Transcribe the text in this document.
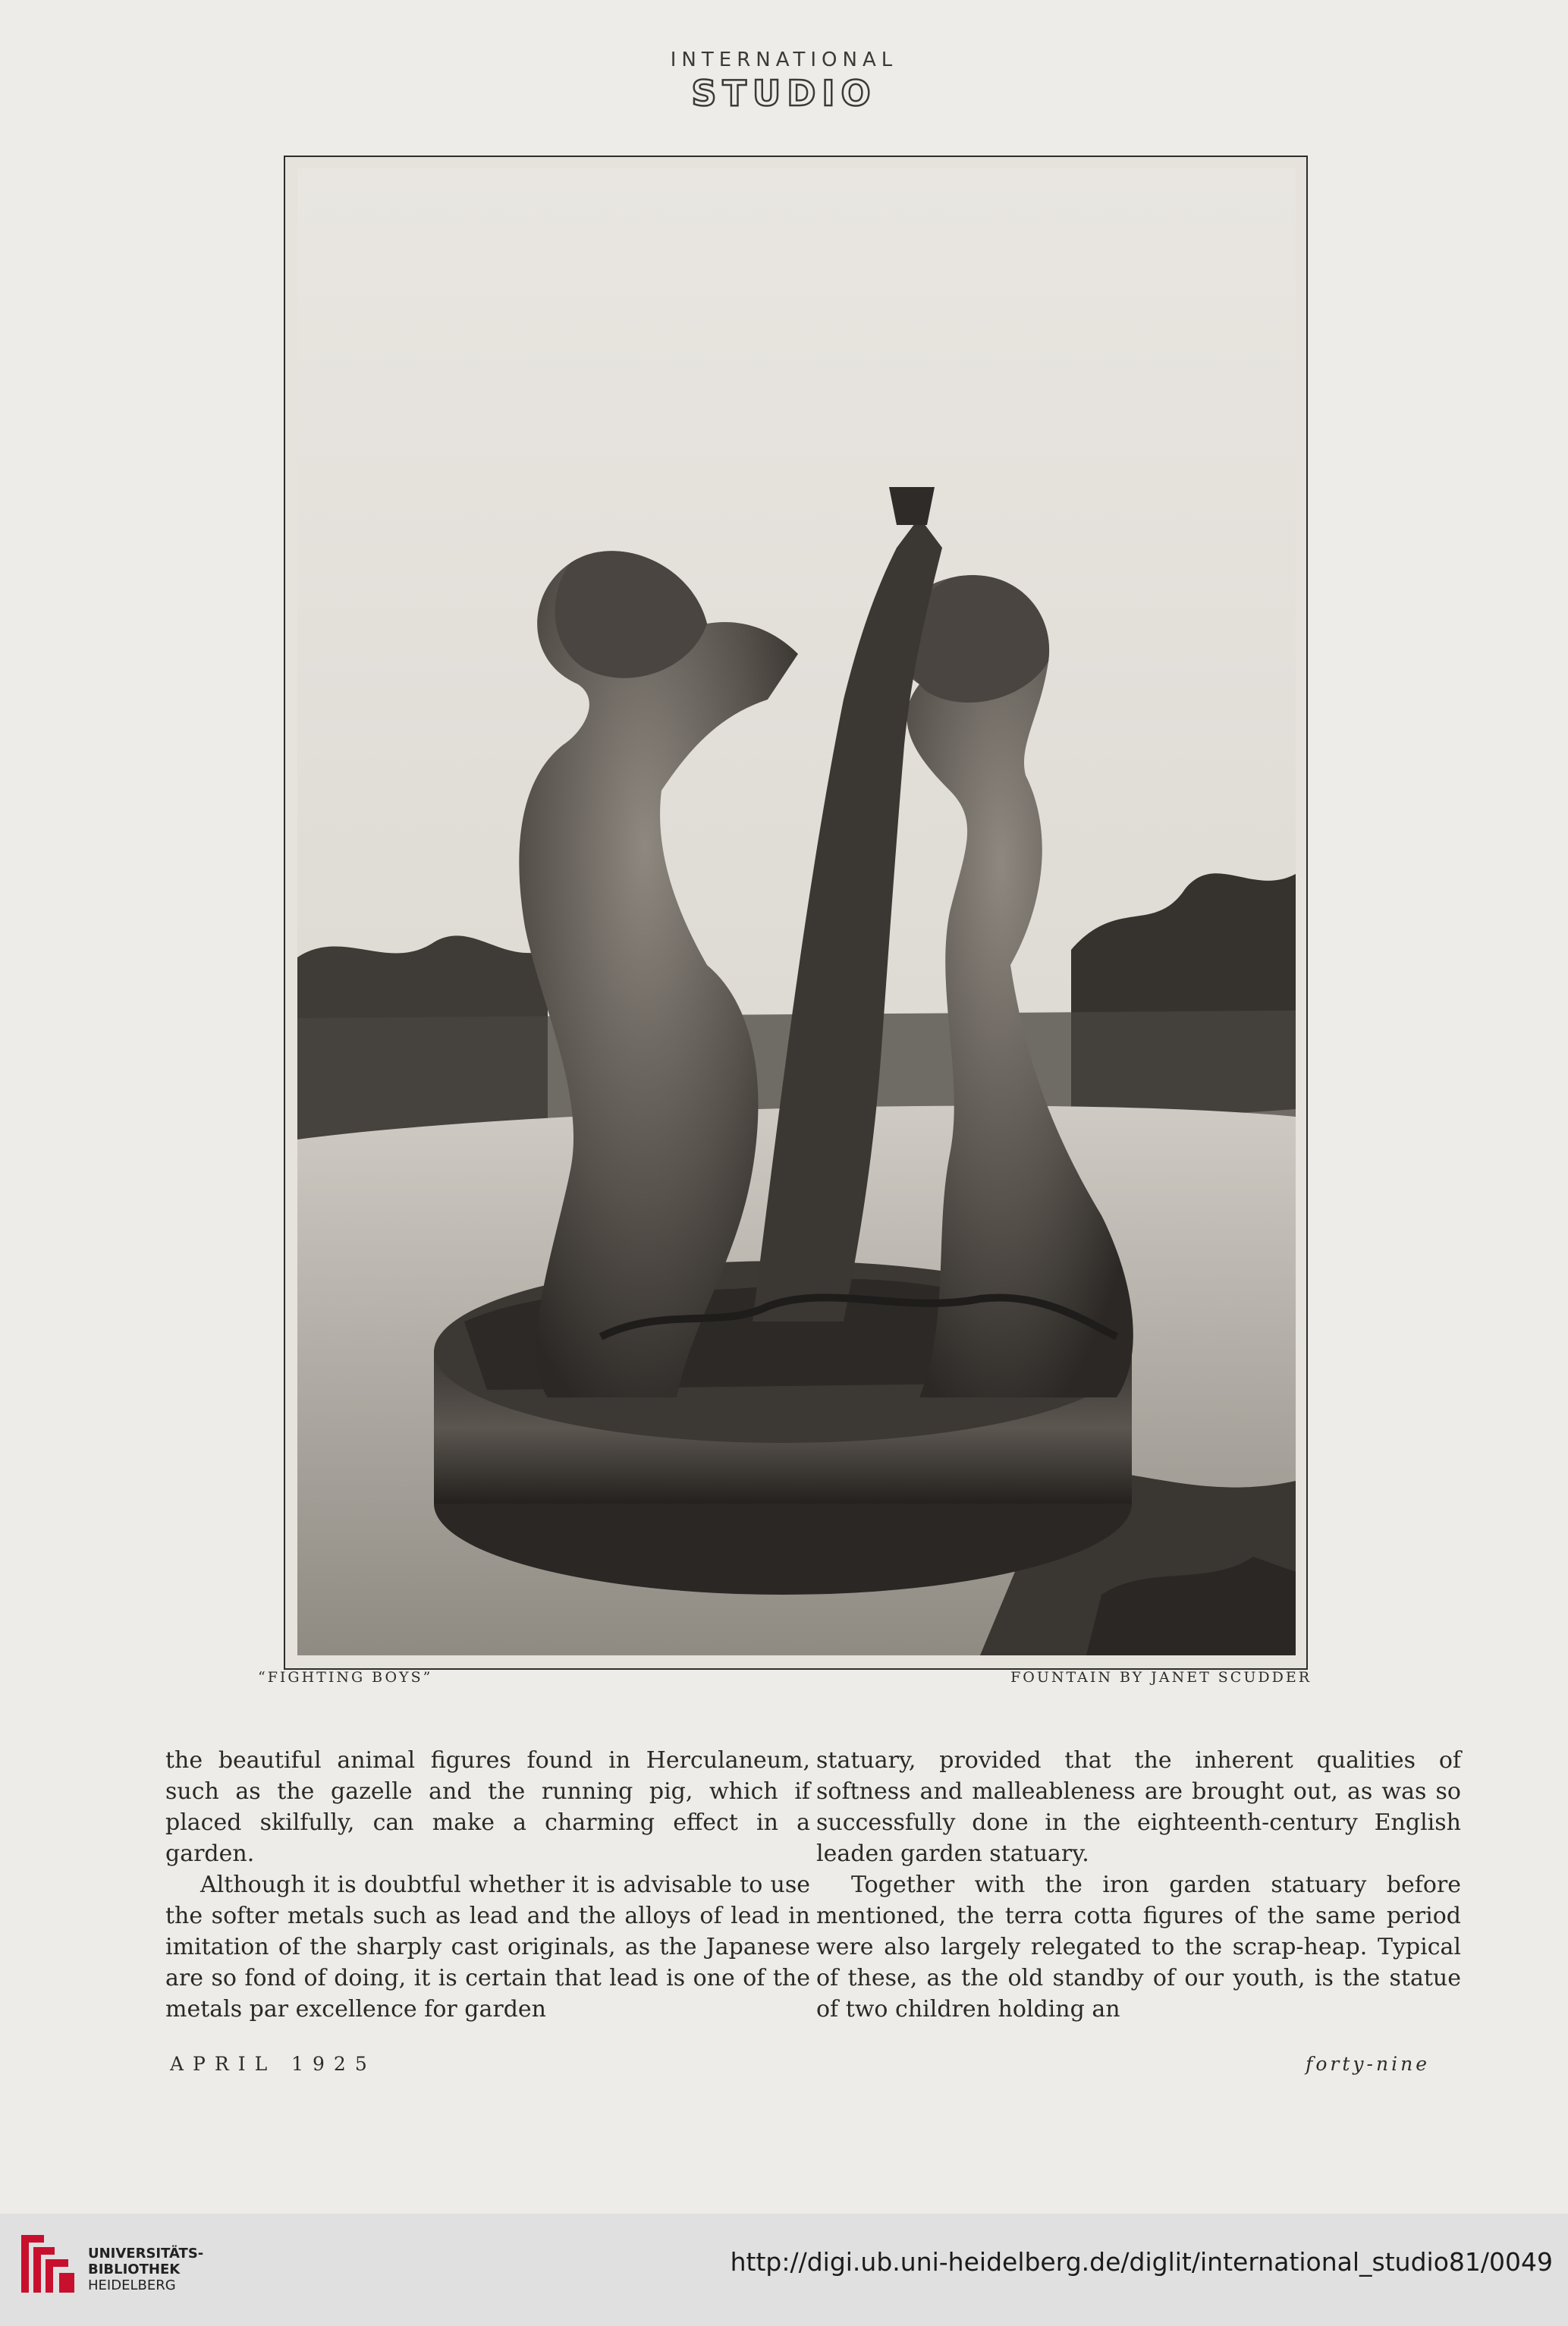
INTERNATIONAL
STUDIO
“FIGHTING BOYS”	FOUNTAIN BY JANET SCUDDER

the beautiful animal figures found in Herculaneum, such as the gazelle and the running pig, which if placed skilfully, can make a charming effect in a garden.

Although it is doubtful whether it is advisable to use the softer metals such as lead and the alloys of lead in imitation of the sharply cast originals, as the Japanese are so fond of doing, it is certain that lead is one of the metals par excellence for garden

statuary, provided that the inherent qualities of softness and malleableness are brought out, as was so successfully done in the eighteenth-century English leaden garden statuary.

Together with the iron garden statuary before mentioned, the terra cotta figures of the same period were also largely relegated to the scrap-heap. Typical of these, as the old standby of our youth, is the statue of two children holding an

APRIL 1925	forty-nine
UNIVERSITÄTS-
BIBLIOTHEK
HEIDELBERG
http://digi.ub.uni-heidelberg.de/diglit/international_studio81/0049
